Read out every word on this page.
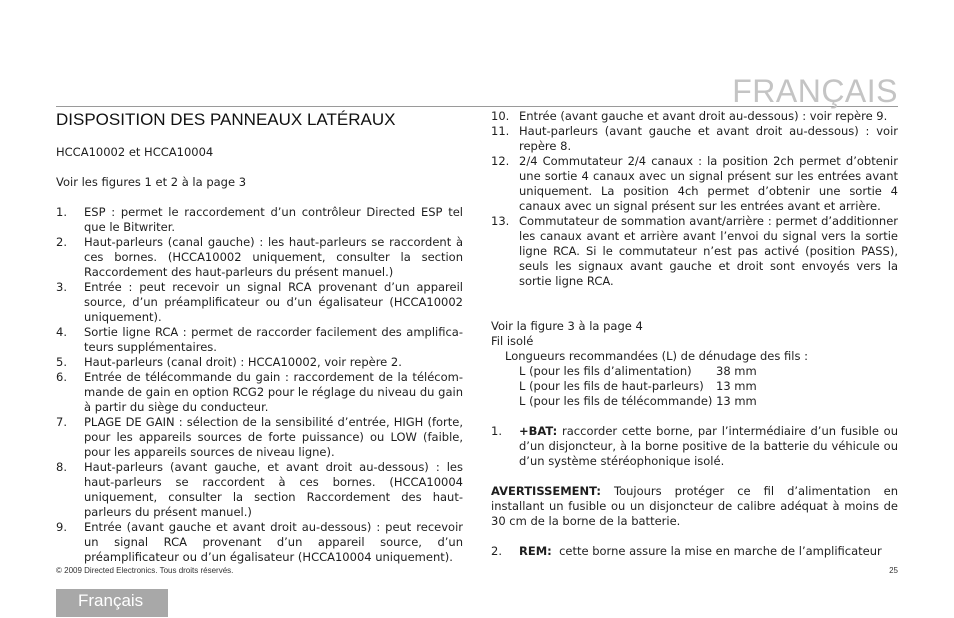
FRANÇAIS
DISPOSITION DES PANNEAUX LATÉRAUX

HCCA10002 et HCCA10004

Voir les figures 1 et 2 à la page 3

1. ESP : permet le raccordement d’un contrôleur Directed ESP tel que le Bitwriter.
2. Haut-parleurs (canal gauche) : les haut-parleurs se raccordent à ces bornes. (HCCA10002 uniquement, consulter la section Raccordement des haut-parleurs du présent manuel.)
3. Entrée : peut recevoir un signal RCA provenant d’un appareil source, d’un préamplificateur ou d’un égalisateur (HCCA10002 uniquement).
4. Sortie ligne RCA : permet de raccorder facilement des amplifica-teurs supplémentaires.
5. Haut-parleurs (canal droit) : HCCA10002, voir repère 2.
6. Entrée de télécommande du gain : raccordement de la télécom-mande de gain en option RCG2 pour le réglage du niveau du gain à partir du siège du conducteur.
7. PLAGE DE GAIN : sélection de la sensibilité d’entrée, HIGH (forte, pour les appareils sources de forte puissance) ou LOW (faible, pour les appareils sources de niveau ligne).
8. Haut-parleurs (avant gauche, et avant droit au-dessous) : les haut-parleurs se raccordent à ces bornes. (HCCA10004 uniquement, consulter la section Raccordement des haut-parleurs du présent manuel.)
9. Entrée (avant gauche et avant droit au-dessous) : peut recevoir un signal RCA provenant d’un appareil source, d’un préamplificateur ou d’un égalisateur (HCCA10004 uniquement).
10. Entrée (avant gauche et avant droit au-dessous) : voir repère 9.
11. Haut-parleurs (avant gauche et avant droit au-dessous) : voir repère 8.
12. 2/4 Commutateur 2/4 canaux : la position 2ch permet d’obtenir une sortie 4 canaux avec un signal présent sur les entrées avant uniquement. La position 4ch permet d’obtenir une sortie 4 canaux avec un signal présent sur les entrées avant et arrière.
13. Commutateur de sommation avant/arrière : permet d’additionner les canaux avant et arrière avant l’envoi du signal vers la sortie ligne RCA. Si le commutateur n’est pas activé (position PASS), seuls les signaux avant gauche et droit sont envoyés vers la sortie ligne RCA.

Voir la figure 3 à la page 4

Fil isolé

Longueurs recommandées (L) de dénudage des fils :

L (pour les fils d’alimentation) 38 mm

L (pour les fils de haut-parleurs) 13 mm

L (pour les fils de télécommande) 13 mm

1. +BAT: raccorder cette borne, par l’intermédiaire d’un fusible ou d’un disjoncteur, à la borne positive de la batterie du véhicule ou d’un système stéréophonique isolé.

AVERTISSEMENT: Toujours protéger ce fil d’alimentation en installant un fusible ou un disjoncteur de calibre adéquat à moins de 30 cm de la borne de la batterie.

2. REM: cette borne assure la mise en marche de l’amplificateur
© 2009 Directed Electronics. Tous droits réservés.	25
Français
